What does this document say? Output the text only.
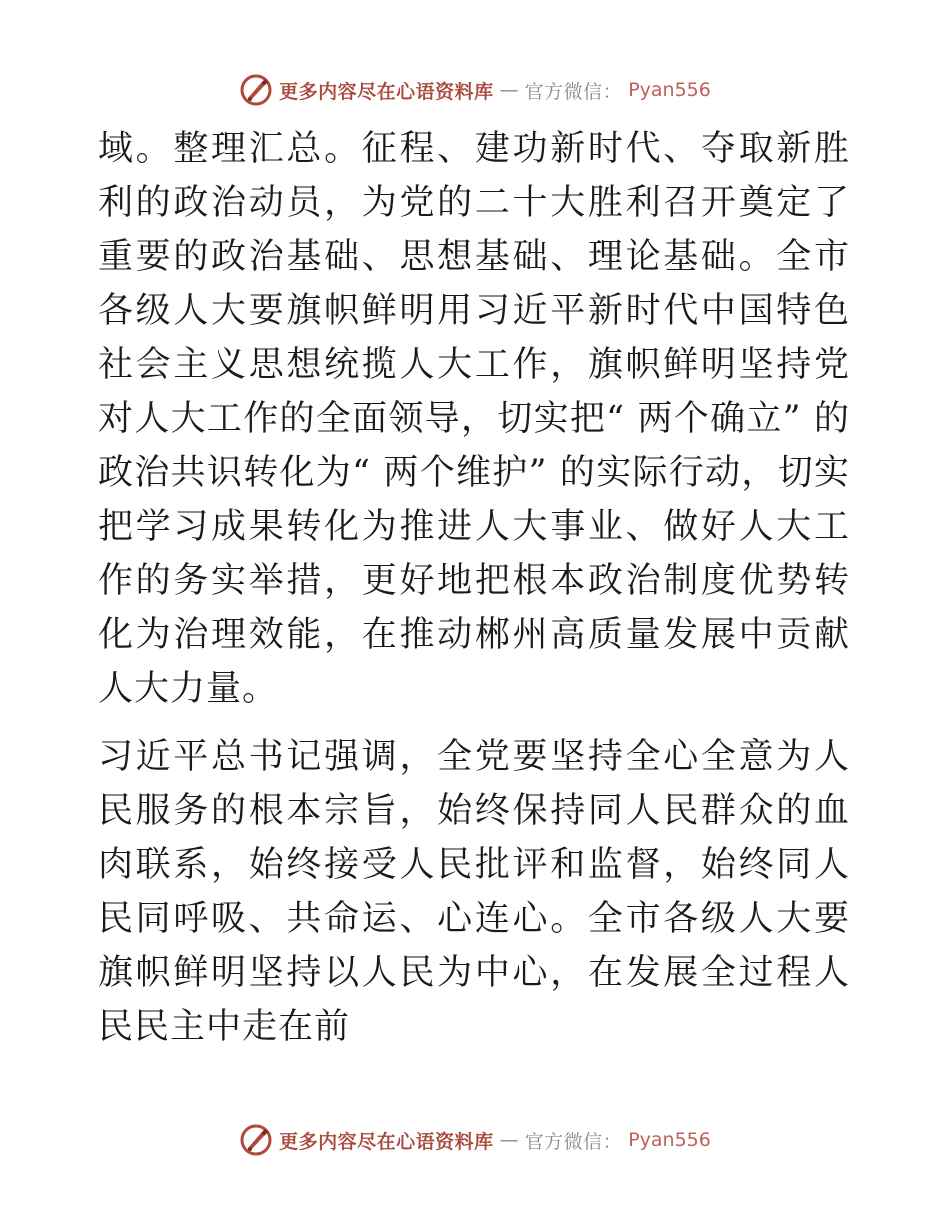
更多内容尽在心语资料库 — 官方微信： Pyan556

域。整理汇总。征程、建功新时代、夺取新胜利的政治动员，为党的二十大胜利召开奠定了重要的政治基础、思想基础、理论基础。全市各级人大要旗帜鲜明用习近平新时代中国特色社会主义思想统揽人大工作，旗帜鲜明坚持党对人大工作的全面领导，切实把“ 两个确立” 的政治共识转化为“ 两个维护” 的实际行动，切实把学习成果转化为推进人大事业、做好人大工作的务实举措，更好地把根本政治制度优势转化为治理效能，在推动郴州高质量发展中贡献人大力量。

习近平总书记强调，全党要坚持全心全意为人民服务的根本宗旨，始终保持同人民群众的血肉联系，始终接受人民批评和监督，始终同人民同呼吸、共命运、心连心。全市各级人大要旗帜鲜明坚持以人民为中心，在发展全过程人民民主中走在前

更多内容尽在心语资料库 — 官方微信： Pyan556
